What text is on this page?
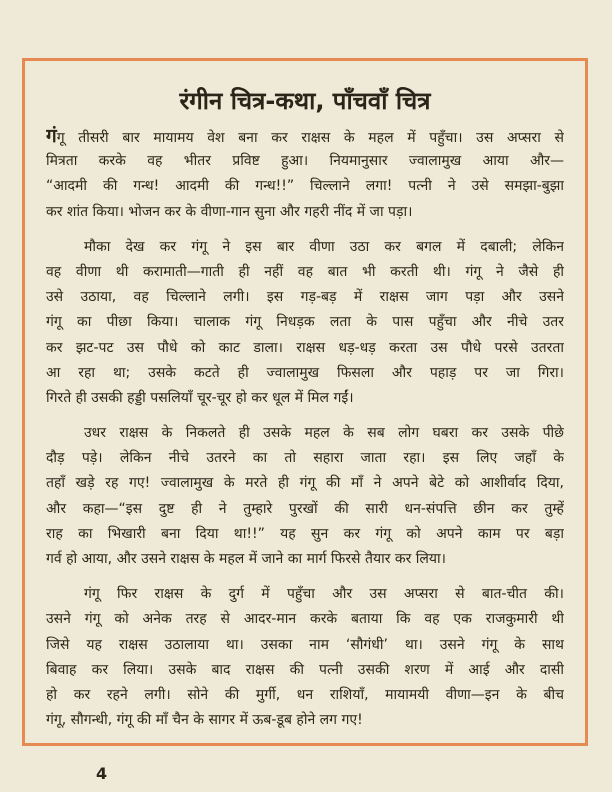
रंगीन चित्र-कथा, पाँचवाँ चित्र
गंगू तीसरी बार मायामय वेश बना कर राक्षस के महल में पहुँचा। उस अप्सरा से
मित्रता करके वह भीतर प्रविष्ट हुआ। नियमानुसार ज्वालामुख आया और—
“आदमी की गन्ध! आदमी की गन्ध!!” चिल्लाने लगा! पत्नी ने उसे समझा-बुझा
कर शांत किया। भोजन कर के वीणा-गान सुना और गहरी नींद में जा पड़ा।
मौका देख कर गंगू ने इस बार वीणा उठा कर बगल में दबाली; लेकिन
वह वीणा थी करामाती—गाती ही नहीं वह बात भी करती थी। गंगू ने जैसे ही
उसे उठाया, वह चिल्लाने लगी। इस गड़-बड़ में राक्षस जाग पड़ा और उसने
गंगू का पीछा किया। चालाक गंगू निधड़क लता के पास पहुँचा और नीचे उतर
कर झट-पट उस पौधे को काट डाला। राक्षस धड़-धड़ करता उस पौधे परसे उतरता
आ रहा था; उसके कटते ही ज्वालामुख फिसला और पहाड़ पर जा गिरा।
गिरते ही उसकी हड्डी पसलियाँ चूर-चूर हो कर धूल में मिल गईं।
उधर राक्षस के निकलते ही उसके महल के सब लोग घबरा कर उसके पीछे
दौड़ पड़े। लेकिन नीचे उतरने का तो सहारा जाता रहा। इस लिए जहाँ के
तहाँ खड़े रह गए! ज्वालामुख के मरते ही गंगू की माँ ने अपने बेटे को आशीर्वाद दिया,
और कहा—“इस दुष्ट ही ने तुम्हारे पुरखों की सारी धन-संपत्ति छीन कर तुम्हें
राह का भिखारी बना दिया था!!” यह सुन कर गंगू को अपने काम पर बड़ा
गर्व हो आया, और उसने राक्षस के महल में जाने का मार्ग फिरसे तैयार कर लिया।
गंगू फिर राक्षस के दुर्ग में पहुँचा और उस अप्सरा से बात-चीत की।
उसने गंगू को अनेक तरह से आदर-मान करके बताया कि वह एक राजकुमारी थी
जिसे यह राक्षस उठालाया था। उसका नाम ‘सौगंधी’ था। उसने गंगू के साथ
बिवाह कर लिया। उसके बाद राक्षस की पत्नी उसकी शरण में आई और दासी
हो कर रहने लगी। सोने की मुर्गी, धन राशियाँ, मायामयी वीणा—इन के बीच
गंगू, सौगन्धी, गंगू की माँ चैन के सागर में ऊब-डूब होने लग गए!
4
